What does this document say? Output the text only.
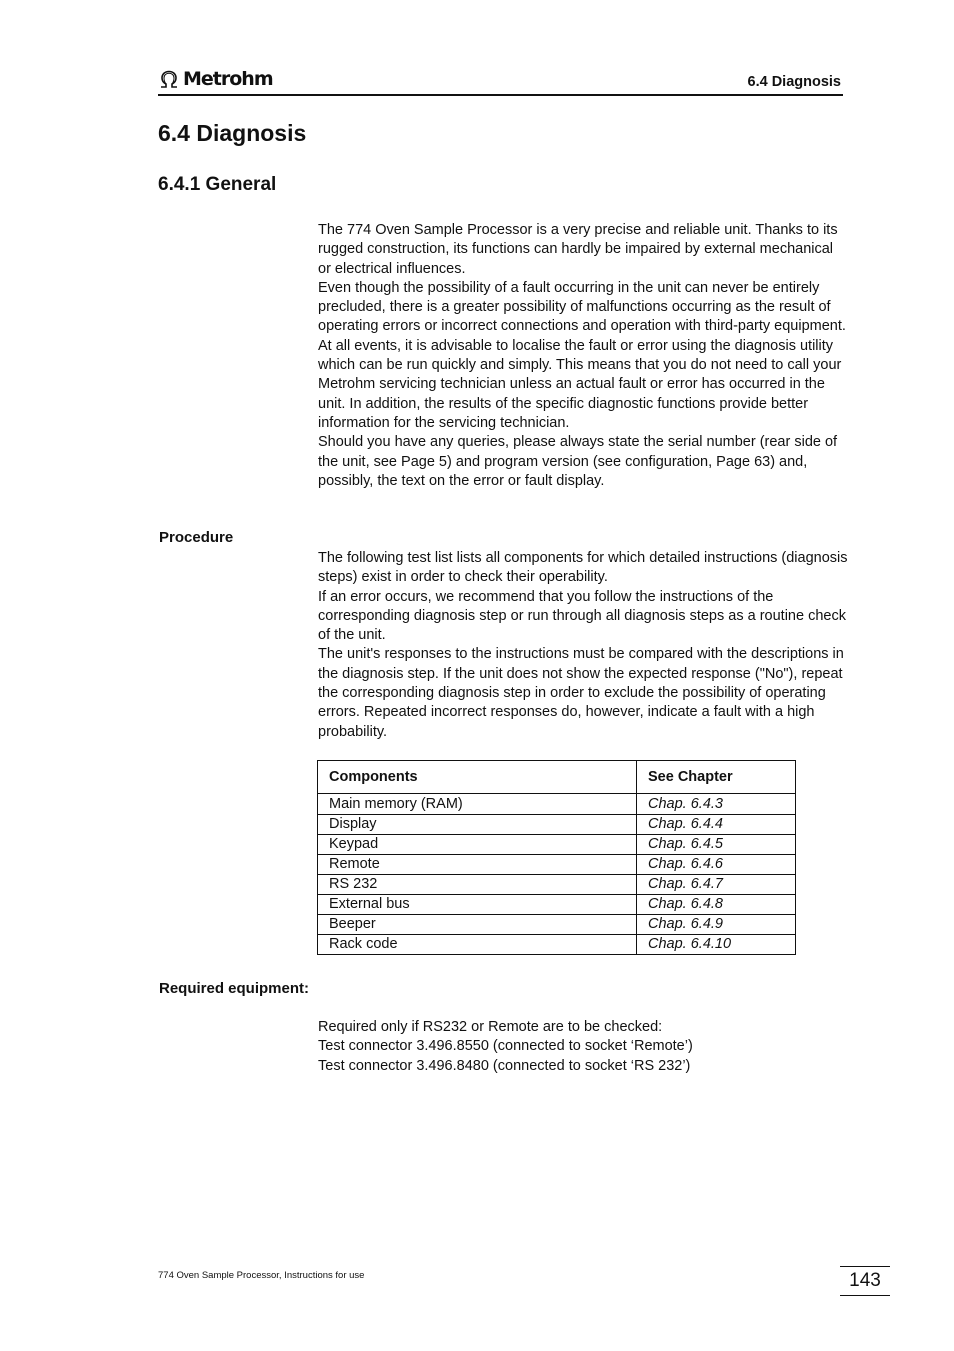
Metrohm	6.4 Diagnosis
6.4 Diagnosis
6.4.1 General

The 774 Oven Sample Processor is a very precise and reliable unit. Thanks to its rugged construction, its functions can hardly be impaired by external mechanical or electrical influences.

Even though the possibility of a fault occurring in the unit can never be entirely precluded, there is a greater possibility of malfunctions occurring as the result of operating errors or incorrect connections and operation with third-party equipment.

At all events, it is advisable to localise the fault or error using the diagnosis utility which can be run quickly and simply. This means that you do not need to call your Metrohm servicing technician unless an actual fault or error has occurred in the unit. In addition, the results of the specific diagnostic functions provide better information for the servicing technician.

Should you have any queries, please always state the serial number (rear side of the unit, see Page 5) and program version (see configuration, Page 63) and, possibly, the text on the error or fault display.

Procedure

The following test list lists all components for which detailed instructions (diagnosis steps) exist in order to check their operability.

If an error occurs, we recommend that you follow the instructions of the corresponding diagnosis step or run through all diagnosis steps as a routine check of the unit.

The unit's responses to the instructions must be compared with the descriptions in the diagnosis step. If the unit does not show the expected response ("No"), repeat the corresponding diagnosis step in order to exclude the possibility of operating errors. Repeated incorrect responses do, however, indicate a fault with a high probability.

Components	See Chapter
Main memory (RAM)	Chap. 6.4.3
Display	Chap. 6.4.4
Keypad	Chap. 6.4.5
Remote	Chap. 6.4.6
RS 232	Chap. 6.4.7
External bus	Chap. 6.4.8
Beeper	Chap. 6.4.9
Rack code	Chap. 6.4.10
Required equipment:

Required only if RS232 or Remote are to be checked:

Test connector 3.496.8550 (connected to socket ‘Remote’)

Test connector 3.496.8480 (connected to socket ‘RS 232’)

774 Oven Sample Processor, Instructions for use	143
